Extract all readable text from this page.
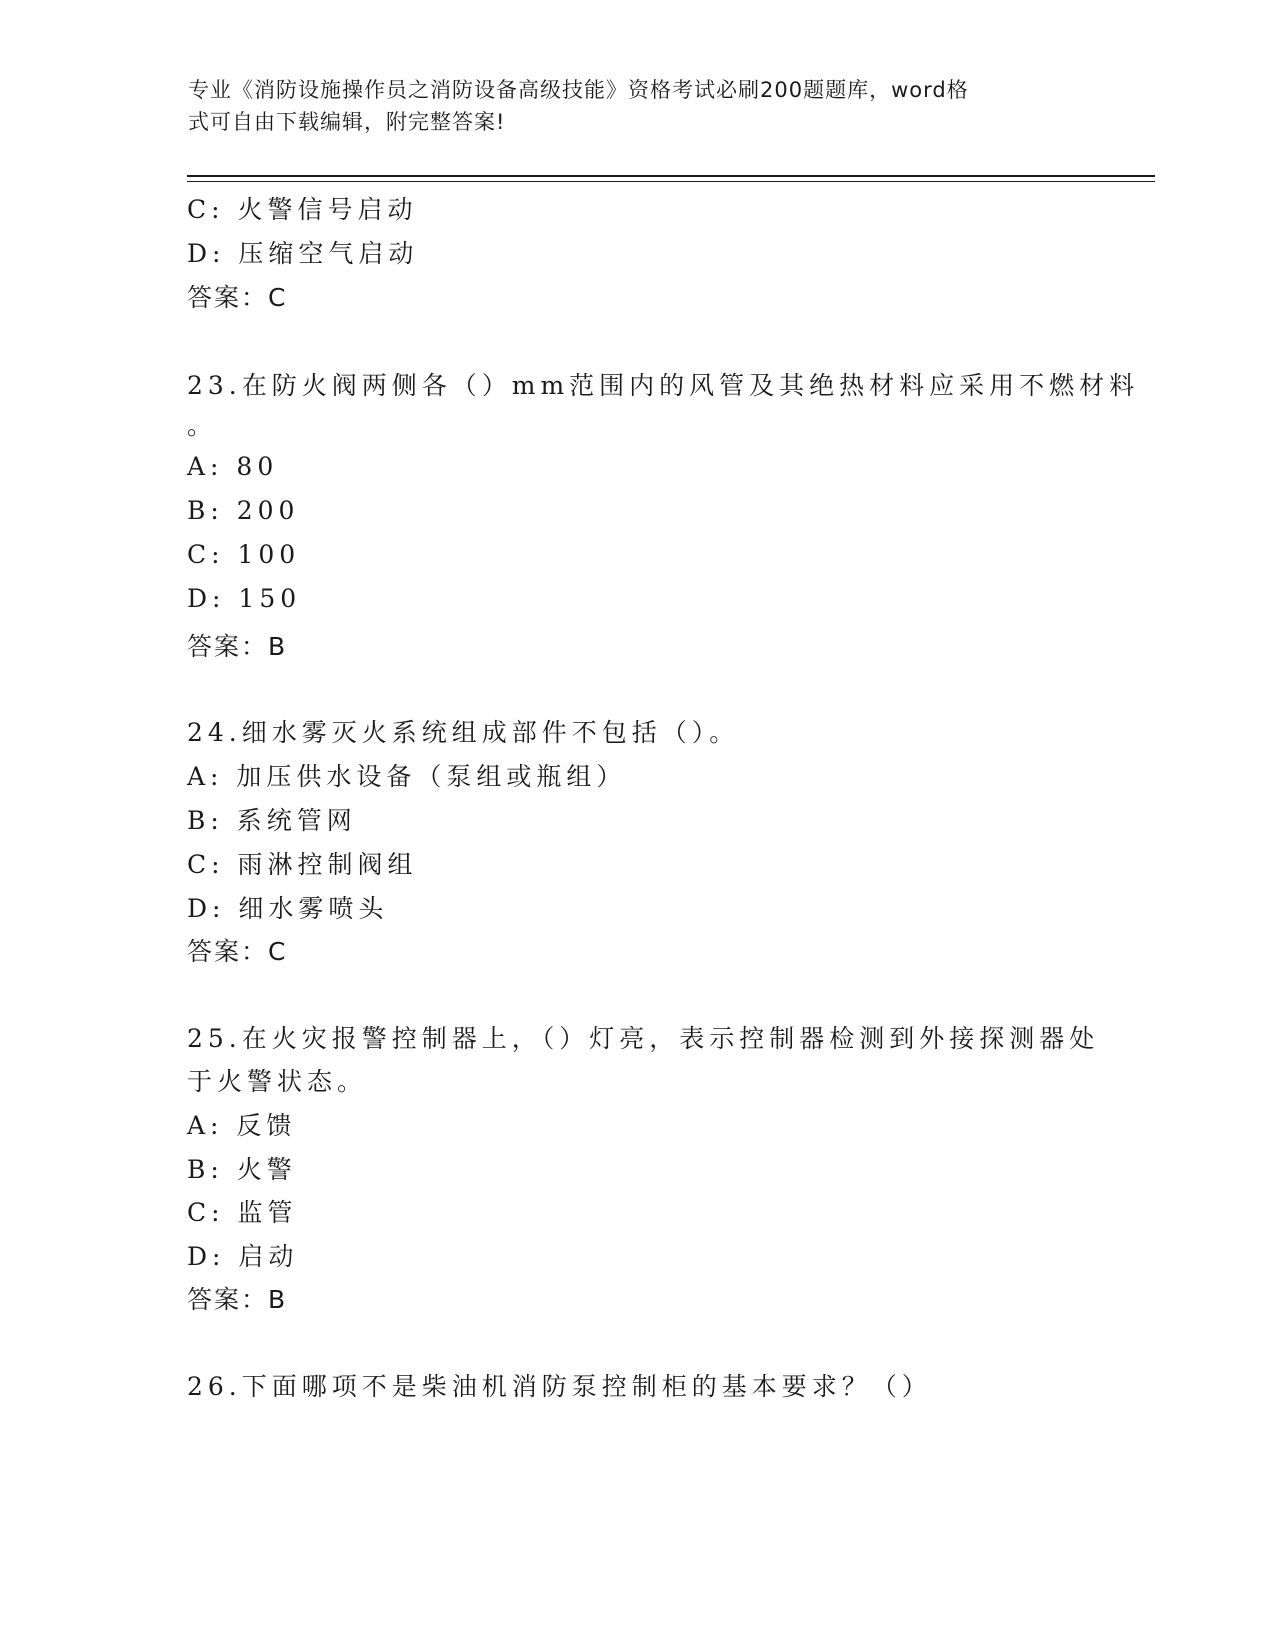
专业《消防设施操作员之消防设备高级技能》资格考试必刷200题题库，word格
式可自由下载编辑，附完整答案!
C: 火警信号启动
D: 压缩空气启动
答案：C
23.在防火阀两侧各（）mm范围内的风管及其绝热材料应采用不燃材料
。
A: 80
B: 200
C: 100
D: 150
答案：B
24.细水雾灭火系统组成部件不包括（）。
A: 加压供水设备（泵组或瓶组）
B: 系统管网
C: 雨淋控制阀组
D: 细水雾喷头
答案：C
25.在火灾报警控制器上，（）灯亮，表示控制器检测到外接探测器处
于火警状态。
A: 反馈
B: 火警
C: 监管
D: 启动
答案：B
26.下面哪项不是柴油机消防泵控制柜的基本要求？（）
